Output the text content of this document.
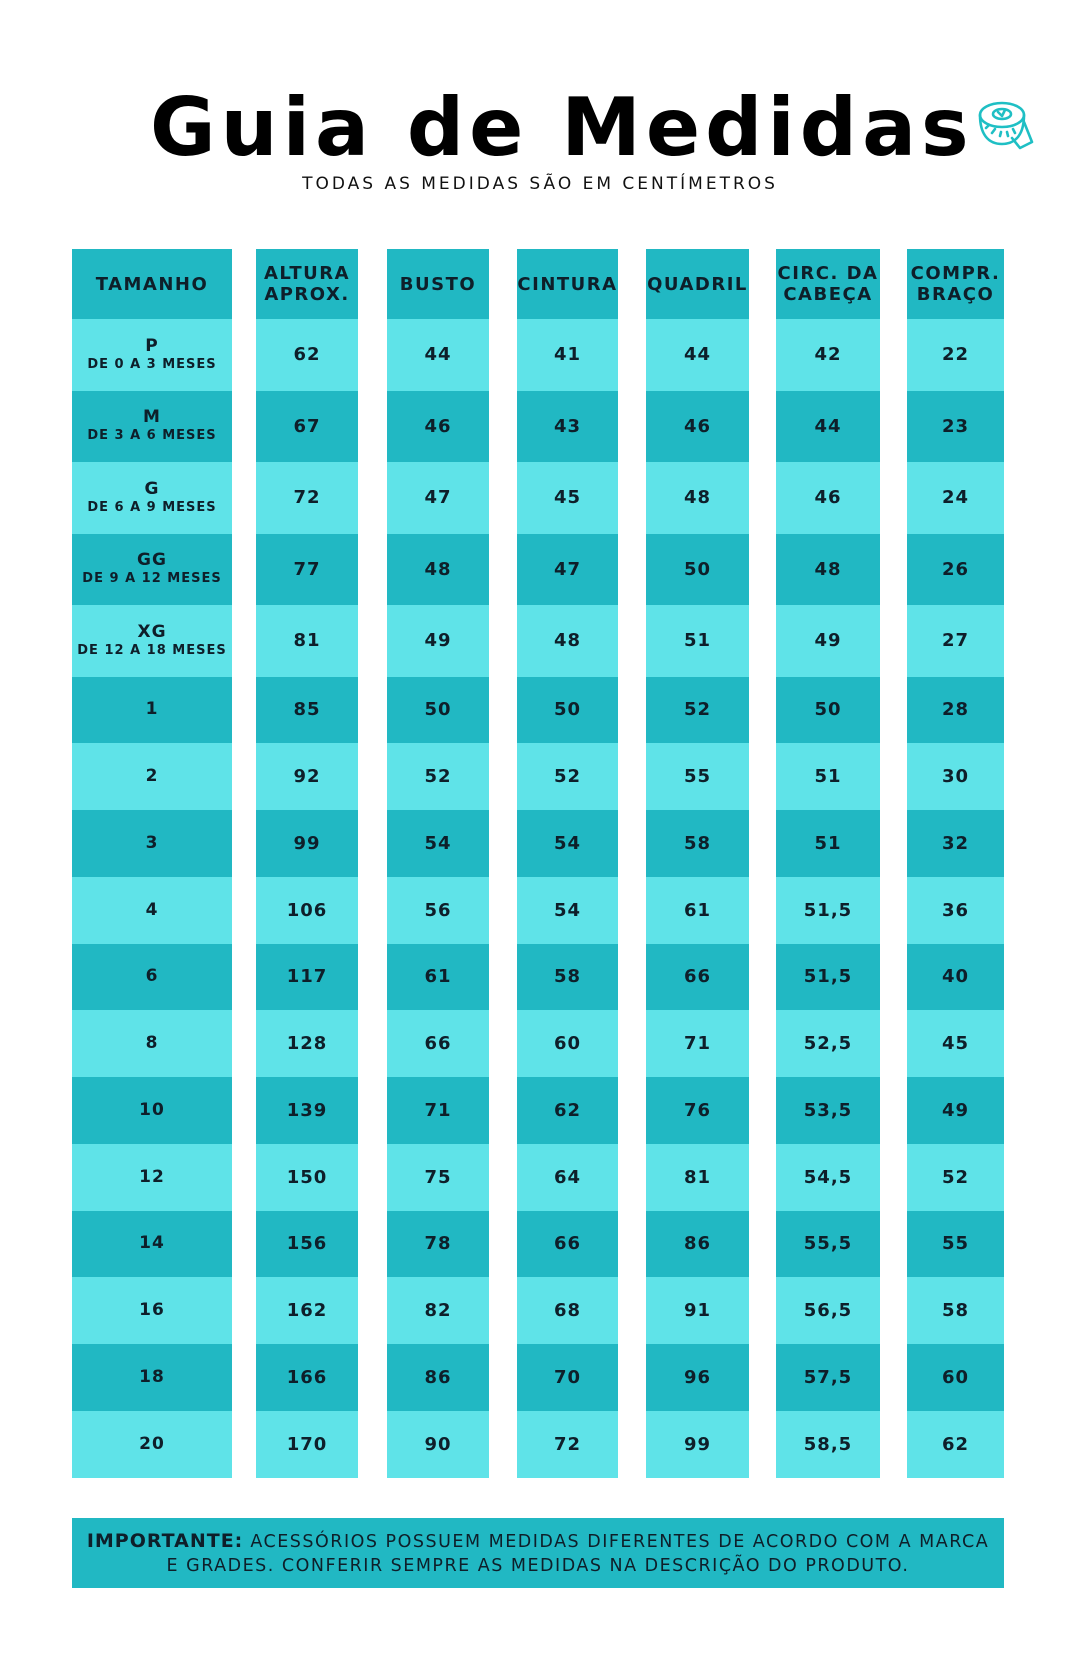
Guia de Medidas
TODAS AS MEDIDAS SÃO EM CENTÍMETROS
TAMANHO
P
DE 0 A 3 MESES
M
DE 3 A 6 MESES
G
DE 6 A 9 MESES
GG
DE 9 A 12 MESES
XG
DE 12 A 18 MESES
1
2
3
4
6
8
10
12
14
16
18
20
ALTURA
APROX.
62
67
72
77
81
85
92
99
106
117
128
139
150
156
162
166
170
BUSTO
44
46
47
48
49
50
52
54
56
61
66
71
75
78
82
86
90
CINTURA
41
43
45
47
48
50
52
54
54
58
60
62
64
66
68
70
72
QUADRIL
44
46
48
50
51
52
55
58
61
66
71
76
81
86
91
96
99
CIRC. DA
CABEÇA
42
44
46
48
49
50
51
51
51,5
51,5
52,5
53,5
54,5
55,5
56,5
57,5
58,5
COMPR.
BRAÇO
22
23
24
26
27
28
30
32
36
40
45
49
52
55
58
60
62
IMPORTANTE: ACESSÓRIOS POSSUEM MEDIDAS DIFERENTES DE ACORDO COM A MARCA E GRADES. CONFERIR SEMPRE AS MEDIDAS NA DESCRIÇÃO DO PRODUTO.
